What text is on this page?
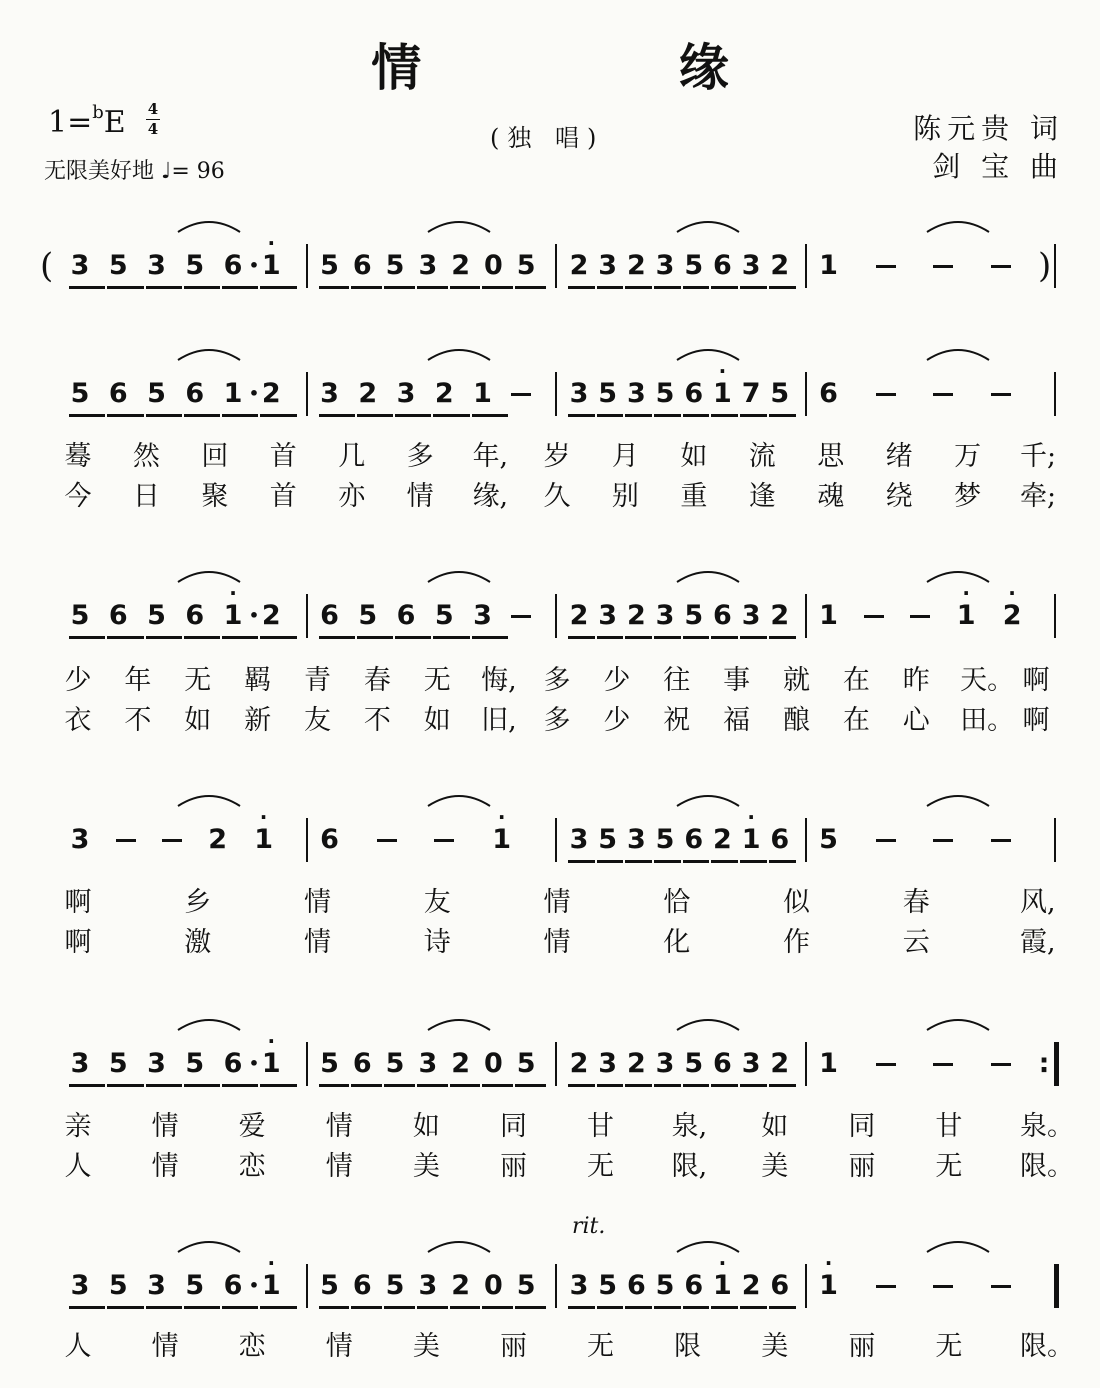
情 缘
1=$^b$E	4
4	(独 唱)	陈元贵 词
剑 宝 曲
无限美好地 ♩= 96
rit.
( 3 5 3 5 6 • 1
·
5 6 5 3 2 0 5 2 3 2 3 5 6 3 2 1	)
5 6 5 6 1 • 2 3 2 3 2 1	3 5 3 5 6 1
·
7 5 6
蓦 然 回 首 几 多 年, 岁 月 如 流 思 绪 万 千;
今 日 聚 首 亦 情 缘, 久 别 重 逢 魂 绕 梦 牵;
5 6 5 6 1
·
• 2 6 5 6 5 3	2 3 2 3 5 6 3 2 1	1
·
2
·
少 年 无 羁 青 春 无 悔, 多 少 往 事 就 在 昨 天。 啊
衣 不 如 新 友 不 如 旧, 多 少 祝 福 酿 在 心 田。 啊
3	2 1
·
6	1
·
3 5 3 5 6 2 1
·
6 5
啊	乡	情	友	情	恰	似	春	风,
啊	激	情	诗	情	化	作	云	霞,
3 5 3 5 6 • 1
·
5 6 5 3 2 0 5 2 3 2 3 5 6 3 2 1	:
亲 情 爱 情 如 同 甘 泉, 如 同 甘 泉。
人 情 恋 情 美 丽 无 限, 美 丽 无 限。
3 5 3 5 6 • 1
·
5 6 5 3 2 0 5 3 5 6 5 6 1
·
2 6 1
·
人 情 恋 情 美 丽 无 限 美 丽 无 限。
